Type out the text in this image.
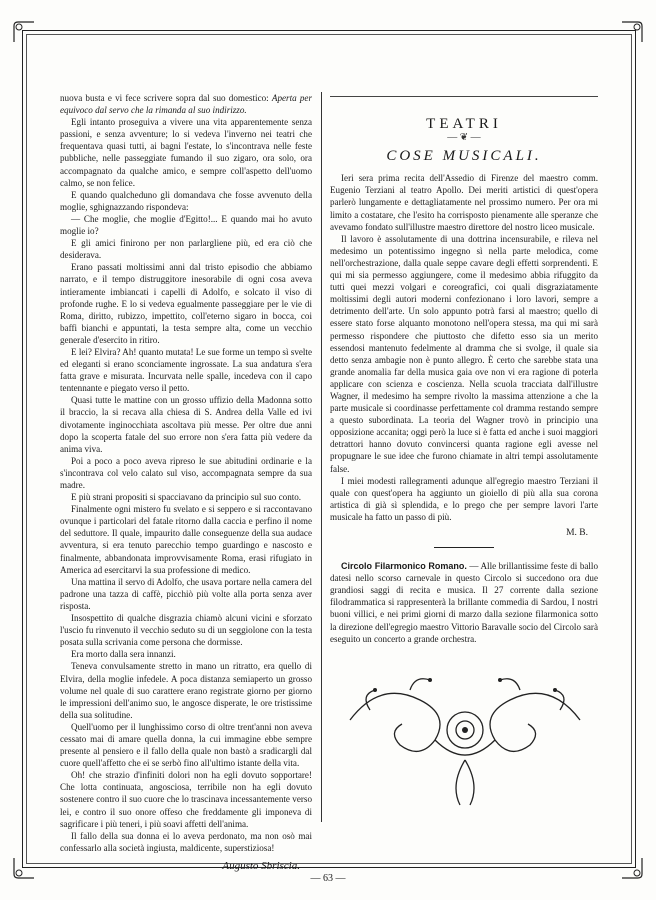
nuova busta e vi fece scrivere sopra dal suo domestico: Aperta per equivoco dal servo che la rimanda al suo indirizzo.

Egli intanto proseguiva a vivere una vita apparentemente senza passioni, e senza avventure; lo si vedeva l'inverno nei teatri che frequentava quasi tutti, ai bagni l'estate, lo s'incontrava nelle feste pubbliche, nelle passeggiate fumando il suo zigaro, ora solo, ora accompagnato da qualche amico, e sempre coll'aspetto dell'uomo calmo, se non felice.

E quando qualcheduno gli domandava che fosse avvenuto della moglie, sghignazzando rispondeva:

— Che moglie, che moglie d'Egitto!... E quando mai ho avuto moglie io?

E gli amici finirono per non parlargliene più, ed era ciò che desiderava.

Erano passati moltissimi anni dal tristo episodio che abbiamo narrato, e il tempo distruggitore inesorabile di ogni cosa aveva intieramente imbiancati i capelli di Adolfo, e solcato il viso di profonde rughe. E lo si vedeva egualmente passeggiare per le vie di Roma, diritto, rubizzo, impettito, coll'eterno sigaro in bocca, coi baffi bianchi e appuntati, la testa sempre alta, come un vecchio generale d'esercito in ritiro.

E lei? Elvira? Ah! quanto mutata! Le sue forme un tempo sì svelte ed eleganti si erano sconciamente ingrossate. La sua andatura s'era fatta grave e misurata. Incurvata nelle spalle, incedeva con il capo tentennante e piegato verso il petto.

Quasi tutte le mattine con un grosso uffizio della Madonna sotto il braccio, la si recava alla chiesa di S. Andrea della Valle ed ivi divotamente inginocchiata ascoltava più messe. Per oltre due anni dopo la scoperta fatale del suo errore non s'era fatta più vedere da anima viva.

Poi a poco a poco aveva ripreso le sue abitudini ordinarie e la s'incontrava col velo calato sul viso, accompagnata sempre da sua madre.

E più strani propositi si spacciavano da principio sul suo conto.

Finalmente ogni mistero fu svelato e si seppero e si raccontavano ovunque i particolari del fatale ritorno dalla caccia e perfino il nome del seduttore. Il quale, impaurito dalle conseguenze della sua audace avventura, si era tenuto parecchio tempo guardingo e nascosto e finalmente, abbandonata improvvisamente Roma, erasi rifugiato in America ad esercitarvi la sua professione di medico.

Una mattina il servo di Adolfo, che usava portare nella camera del padrone una tazza di caffè, picchiò più volte alla porta senza aver risposta.

Insospettito di qualche disgrazia chiamò alcuni vicini e sforzato l'uscio fu rinvenuto il vecchio seduto su di un seggiolone con la testa posata sulla scrivania come persona che dormisse.

Era morto dalla sera innanzi.

Teneva convulsamente stretto in mano un ritratto, era quello di Elvira, della moglie infedele. A poca distanza semiaperto un grosso volume nel quale di suo carattere erano registrate giorno per giorno le impressioni dell'animo suo, le angosce disperate, le ore tristissime della sua solitudine.

Quell'uomo per il lunghissimo corso di oltre trent'anni non aveva cessato mai di amare quella donna, la cui immagine ebbe sempre presente al pensiero e il fallo della quale non bastò a sradicargli dal cuore quell'affetto che ei se serbò fino all'ultimo istante della vita.

Oh! che strazio d'infiniti dolori non ha egli dovuto sopportare! Che lotta continuata, angosciosa, terribile non ha egli dovuto sostenere contro il suo cuore che lo trascinava incessantemente verso lei, e contro il suo onore offeso che freddamente gli imponeva di sagrificare i più teneri, i più soavi affetti dell'anima.

Il fallo della sua donna ei lo aveva perdonato, ma non osò mai confessarlo alla società ingiusta, maldicente, superstiziosa!

Augusto Sbriscia.
TEATRI
— ❦ —
COSE MUSICALI.

Ieri sera prima recita dell'Assedio di Firenze del maestro comm. Eugenio Terziani al teatro Apollo. Dei meriti artistici di quest'opera parlerò lungamente e dettagliatamente nel prossimo numero. Per ora mi limito a costatare, che l'esito ha corrisposto pienamente alle speranze che avevamo fondato sull'illustre maestro direttore del nostro liceo musicale.

Il lavoro è assolutamente di una dottrina incensurabile, e rileva nel medesimo un potentissimo ingegno sì nella parte melodica, come nell'orchestrazione, dalla quale seppe cavare degli effetti sorprendenti. E qui mi sia permesso aggiungere, come il medesimo abbia rifuggito da tutti quei mezzi volgari e coreografici, coi quali disgraziatamente moltissimi degli autori moderni confezionano i loro lavori, sempre a detrimento dell'arte. Un solo appunto potrà farsi al maestro; quello di essere stato forse alquanto monotono nell'opera stessa, ma qui mi sarà permesso rispondere che piuttosto che difetto esso sia un merito essendosi mantenuto fedelmente al dramma che si svolge, il quale sia detto senza ambagie non è punto allegro. È certo che sarebbe stata una grande anomalia far della musica gaia ove non vi era ragione di poterla applicare con scienza e coscienza. Nella scuola tracciata dall'illustre Wagner, il medesimo ha sempre rivolto la massima attenzione a che la parte musicale si coordinasse perfettamente col dramma restando sempre a questo subordinata. La teoria del Wagner trovò in principio una opposizione accanita; oggi però la luce si è fatta ed anche i suoi maggiori detrattori hanno dovuto convincersi quanta ragione egli avesse nel propugnare le sue idee che furono chiamate in altri tempi assolutamente false.

I miei modesti rallegramenti adunque all'egregio maestro Terziani il quale con quest'opera ha aggiunto un gioiello di più alla sua corona artistica di già sì splendida, e lo prego che per sempre lavori l'arte musicale ha fatto un passo di più.

M. B.

Circolo Filarmonico Romano. — Alle brillantissime feste di ballo datesi nello scorso carnevale in questo Circolo si succedono ora due grandiosi saggi di recita e musica. Il 27 corrente dalla sezione filodrammatica si rappresenterà la brillante commedia di Sardou, I nostri buoni villici, e nei primi giorni di marzo dalla sezione filarmonica sotto la direzione dell'egregio maestro Vittorio Baravalle socio del Circolo sarà eseguito un concerto a grande orchestra.

— 63 —
